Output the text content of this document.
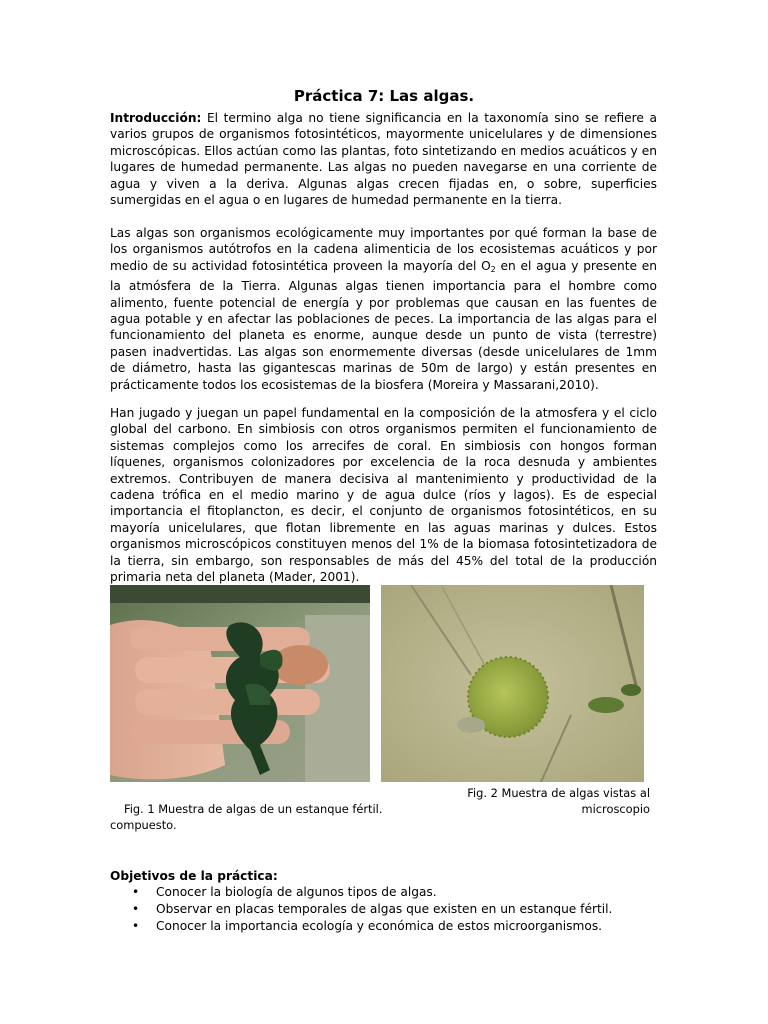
Práctica 7: Las algas.
Introducción: El termino alga no tiene significancia en la taxonomía sino se refiere a varios grupos de organismos fotosintéticos, mayormente unicelulares y de dimensiones microscópicas. Ellos actúan como las plantas, foto sintetizando en medios acuáticos y en lugares de humedad permanente. Las algas no pueden navegarse en una corriente de agua y viven a la deriva. Algunas algas crecen fijadas en, o sobre, superficies sumergidas en el agua o en lugares de humedad permanente en la tierra.
Las algas son organismos ecológicamente muy importantes por qué forman la base de los organismos autótrofos en la cadena alimenticia de los ecosistemas acuáticos y por medio de su actividad fotosintética proveen la mayoría del $O_2$ en el agua y presente en la atmósfera de la Tierra. Algunas algas tienen importancia para el hombre como alimento, fuente potencial de energía y por problemas que causan en las fuentes de agua potable y en afectar las poblaciones de peces. La importancia de las algas para el funcionamiento del planeta es enorme, aunque desde un punto de vista (terrestre) pasen inadvertidas. Las algas son enormemente diversas (desde unicelulares de 1mm de diámetro, hasta las gigantescas marinas de 50m de largo) y están presentes en prácticamente todos los ecosistemas de la biosfera (Moreira y Massarani,2010).
Han jugado y juegan un papel fundamental en la composición de la atmosfera y el ciclo global del carbono. En simbiosis con otros organismos permiten el funcionamiento de sistemas complejos como los arrecifes de coral. En simbiosis con hongos forman líquenes, organismos colonizadores por excelencia de la roca desnuda y ambientes extremos. Contribuyen de manera decisiva al mantenimiento y productividad de la cadena trófica en el medio marino y de agua dulce (ríos y lagos). Es de especial importancia el fitoplancton, es decir, el conjunto de organismos fotosintéticos, en su mayoría unicelulares, que flotan libremente en las aguas marinas y dulces. Estos organismos microscópicos constituyen menos del 1% de la biomasa fotosintetizadora de la tierra, sin embargo, son responsables de más del 45% del total de la producción primaria neta del planeta (Mader, 2001).
Fig. 1 Muestra de algas de un estanque fértil.Fig. 2 Muestra de algas vistas al microscopio
compuesto.
Objetivos de la práctica:
• Conocer la biología de algunos tipos de algas.
• Observar en placas temporales de algas que existen en un estanque fértil.
• Conocer la importancia ecología y económica de estos microorganismos.
